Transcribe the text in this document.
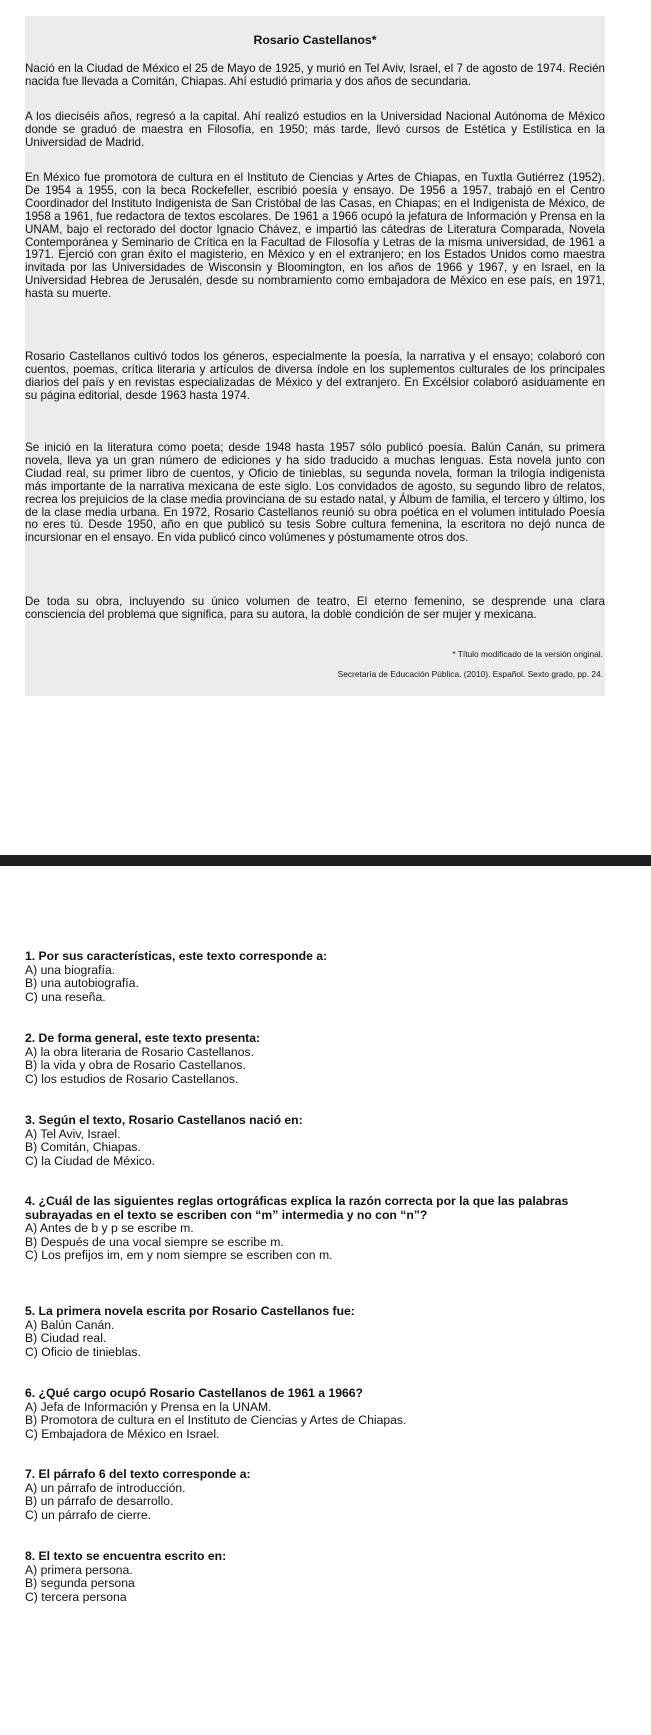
Rosario Castellanos*

Nació en la Ciudad de México el 25 de Mayo de 1925, y murió en Tel Aviv, Israel, el 7 de agosto de 1974. Recién nacida fue llevada a Comitán, Chiapas. Ahí estudió primaria y dos años de secundaria.

A los dieciséis años, regresó a la capital. Ahí realizó estudios en la Universidad Nacional Autónoma de México donde se graduó de maestra en Filosofía, en 1950; más tarde, llevó cursos de Estética y Estilística en la Universidad de Madrid.

En México fue promotora de cultura en el Instituto de Ciencias y Artes de Chiapas, en Tuxtla Gutiérrez (1952). De 1954 a 1955, con la beca Rockefeller, escribió poesía y ensayo. De 1956 a 1957, trabajó en el Centro Coordinador del Instituto Indigenista de San Cristóbal de las Casas, en Chiapas; en el Indigenista de México, de 1958 a 1961, fue redactora de textos escolares. De 1961 a 1966 ocupó la jefatura de Información y Prensa en la UNAM, bajo el rectorado del doctor Ignacio Chávez, e impartió las cátedras de Literatura Comparada, Novela Contemporánea y Seminario de Crítica en la Facultad de Filosofía y Letras de la misma universidad, de 1961 a 1971. Ejerció con gran éxito el magisterio, en México y en el extranjero; en los Estados Unidos como maestra invitada por las Universidades de Wisconsin y Bloomington, en los años de 1966 y 1967, y en Israel, en la Universidad Hebrea de Jerusalén, desde su nombramiento como embajadora de México en ese país, en 1971, hasta su muerte.

Rosario Castellanos cultivó todos los géneros, especialmente la poesía, la narrativa y el ensayo; colaboró con cuentos, poemas, crítica literaria y artículos de diversa índole en los suplementos culturales de los principales diarios del país y en revistas especializadas de México y del extranjero. En Excélsior colaboró asiduamente en su página editorial, desde 1963 hasta 1974.

Se inició en la literatura como poeta; desde 1948 hasta 1957 sólo publicó poesía. Balún Canán, su primera novela, lleva ya un gran número de ediciones y ha sido traducido a muchas lenguas. Esta novela junto con Ciudad real, su primer libro de cuentos, y Oficio de tinieblas, su segunda novela, forman la trilogía indigenista más importante de la narrativa mexicana de este siglo. Los convidados de agosto, su segundo libro de relatos, recrea los prejuicios de la clase media provinciana de su estado natal, y Álbum de familia, el tercero y último, los de la clase media urbana. En 1972, Rosario Castellanos reunió su obra poética en el volumen intitulado Poesía no eres tú. Desde 1950, año en que publicó su tesis Sobre cultura femenina, la escritora no dejó nunca de incursionar en el ensayo. En vida publicó cinco volúmenes y póstumamente otros dos.

De toda su obra, incluyendo su único volumen de teatro, El eterno femenino, se desprende una clara consciencia del problema que significa, para su autora, la doble condición de ser mujer y mexicana.

* Título modificado de la versión original.
Secretaría de Educación Pública. (2010). Español. Sexto grado, pp. 24.

1. Por sus características, este texto corresponde a:

A) una biografía.

B) una autobiografía.

C) una reseña.

2. De forma general, este texto presenta:

A) la obra literaria de Rosario Castellanos.

B) la vida y obra de Rosario Castellanos.

C) los estudios de Rosario Castellanos.

3. Según el texto, Rosario Castellanos nació en:

A) Tel Aviv, Israel.

B) Comitán, Chiapas.

C) la Ciudad de México.

4. ¿Cuál de las siguientes reglas ortográficas explica la razón correcta por la que las palabras subrayadas en el texto se escriben con “m” intermedia y no con “n”?

A) Antes de b y p se escribe m.

B) Después de una vocal siempre se escribe m.

C) Los prefijos im, em y nom siempre se escriben con m.

5. La primera novela escrita por Rosario Castellanos fue:

A) Balún Canán.

B) Ciudad real.

C) Oficio de tinieblas.

6. ¿Qué cargo ocupó Rosario Castellanos de 1961 a 1966?

A) Jefa de Información y Prensa en la UNAM.

B) Promotora de cultura en el Instituto de Ciencias y Artes de Chiapas.

C) Embajadora de México en Israel.

7. El párrafo 6 del texto corresponde a:

A) un párrafo de introducción.

B) un párrafo de desarrollo.

C) un párrafo de cierre.

8. El texto se encuentra escrito en:

A) primera persona.

B) segunda persona

C) tercera persona
